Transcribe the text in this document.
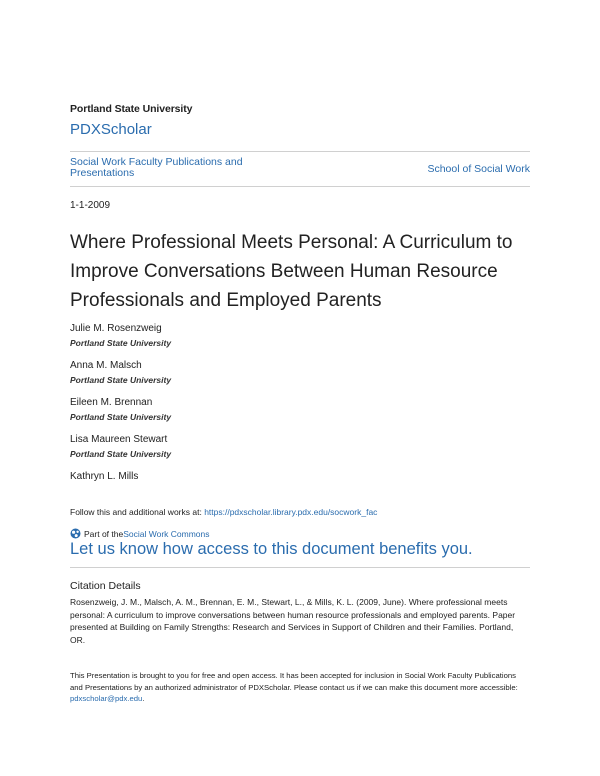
Portland State University
PDXScholar
Social Work Faculty Publications and Presentations	School of Social Work
1-1-2009
Where Professional Meets Personal: A Curriculum to Improve Conversations Between Human Resource Professionals and Employed Parents
Julie M. Rosenzweig
Portland State University
Anna M. Malsch
Portland State University
Eileen M. Brennan
Portland State University
Lisa Maureen Stewart
Portland State University
Kathryn L. Mills
Follow this and additional works at: https://pdxscholar.library.pdx.edu/socwork_fac
Part of the Social Work Commons
Let us know how access to this document benefits you.
Citation Details
Rosenzweig, J. M., Malsch, A. M., Brennan, E. M., Stewart, L., & Mills, K. L. (2009, June). Where professional meets personal: A curriculum to improve conversations between human resource professionals and employed parents. Paper presented at Building on Family Strengths: Research and Services in Support of Children and their Families. Portland, OR.
This Presentation is brought to you for free and open access. It has been accepted for inclusion in Social Work Faculty Publications and Presentations by an authorized administrator of PDXScholar. Please contact us if we can make this document more accessible: pdxscholar@pdx.edu.
